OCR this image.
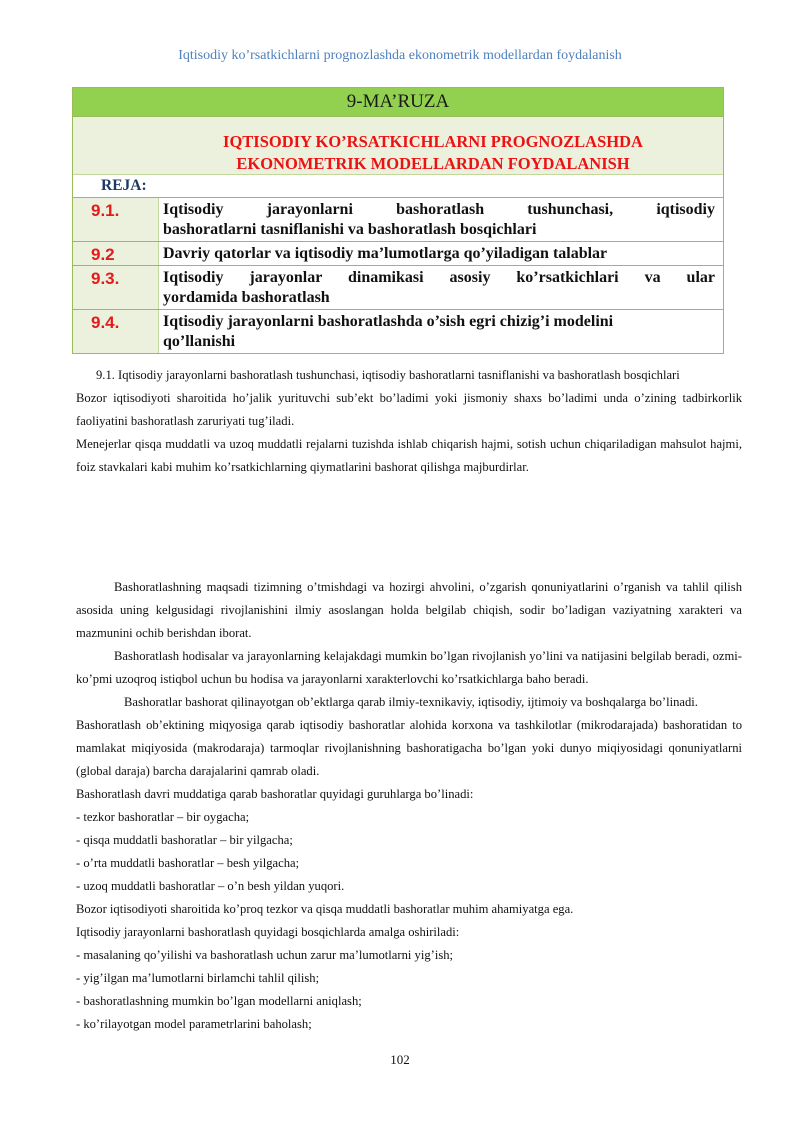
Iqtisodiy ko’rsatkichlarni prognozlashda ekonometrik modellardan foydalanish
9-MA’RUZA
IQTISODIY KO’RSATKICHLARNI PROGNOZLASHDA
EKONOMETRIK MODELLARDAN FOYDALANISH
REJA:
9.1.	Iqtisodiy jarayonlarni bashoratlash tushunchasi, iqtisodiy
bashoratlarni tasniflanishi va bashoratlash bosqichlari
9.2	Davriy qatorlar va iqtisodiy ma’lumotlarga qo’yiladigan talablar
9.3.	Iqtisodiy jarayonlar dinamikasi asosiy ko’rsatkichlari va ular
yordamida bashoratlash
9.4.	Iqtisodiy jarayonlarni bashoratlashda o’sish egri chizig’i modelini
qo’llanishi

9.1. Iqtisodiy jarayonlarni bashoratlash tushunchasi, iqtisodiy bashoratlarni tasniflanishi va bashoratlash bosqichlari

Bozor iqtisodiyoti sharoitida ho’jalik yurituvchi sub’ekt bo’ladimi yoki jismoniy shaxs bo’ladimi unda o’zining tadbirkorlik faoliyatini bashoratlash zaruriyati tug’iladi.

Menejerlar qisqa muddatli va uzoq muddatli rejalarni tuzishda ishlab chiqarish hajmi, sotish uchun chiqariladigan mahsulot hajmi, foiz stavkalari kabi muhim ko’rsatkichlarning qiymatlarini bashorat qilishga majburdirlar.

Bashoratlashning maqsadi tizimning o’tmishdagi va hozirgi ahvolini, o’zgarish qonuniyatlarini o’rganish va tahlil qilish asosida uning kelgusidagi rivojlanishini ilmiy asoslangan holda belgilab chiqish, sodir bo’ladigan vaziyatning xarakteri va mazmunini ochib berishdan iborat.

Bashoratlash hodisalar va jarayonlarning kelajakdagi mumkin bo’lgan rivojlanish yo’lini va natijasini belgilab beradi, ozmi-ko’pmi uzoqroq istiqbol uchun bu hodisa va jarayonlarni xarakterlovchi ko’rsatkichlarga baho beradi.

Bashoratlar bashorat qilinayotgan ob’ektlarga qarab ilmiy-texnikaviy, iqtisodiy, ijtimoiy va boshqalarga bo’linadi.

Bashoratlash ob’ektining miqyosiga qarab iqtisodiy bashoratlar alohida korxona va tashkilotlar (mikrodarajada) bashoratidan to mamlakat miqiyosida (makrodaraja) tarmoqlar rivojlanishning bashoratigacha bo’lgan yoki dunyo miqiyosidagi qonuniyatlarni (global daraja) barcha darajalarini qamrab oladi.

Bashoratlash davri muddatiga qarab bashoratlar quyidagi guruhlarga bo’linadi:

- tezkor bashoratlar – bir oygacha;

- qisqa muddatli bashoratlar – bir yilgacha;

- o’rta muddatli bashoratlar – besh yilgacha;

- uzoq muddatli bashoratlar – o’n besh yildan yuqori.

Bozor iqtisodiyoti sharoitida ko’proq tezkor va qisqa muddatli bashoratlar muhim ahamiyatga ega.

Iqtisodiy jarayonlarni bashoratlash quyidagi bosqichlarda amalga oshiriladi:

- masalaning qo’yilishi va bashoratlash uchun zarur ma’lumotlarni yig’ish;

- yig’ilgan ma’lumotlarni birlamchi tahlil qilish;

- bashoratlashning mumkin bo’lgan modellarni aniqlash;

- ko’rilayotgan model parametrlarini baholash;

102
